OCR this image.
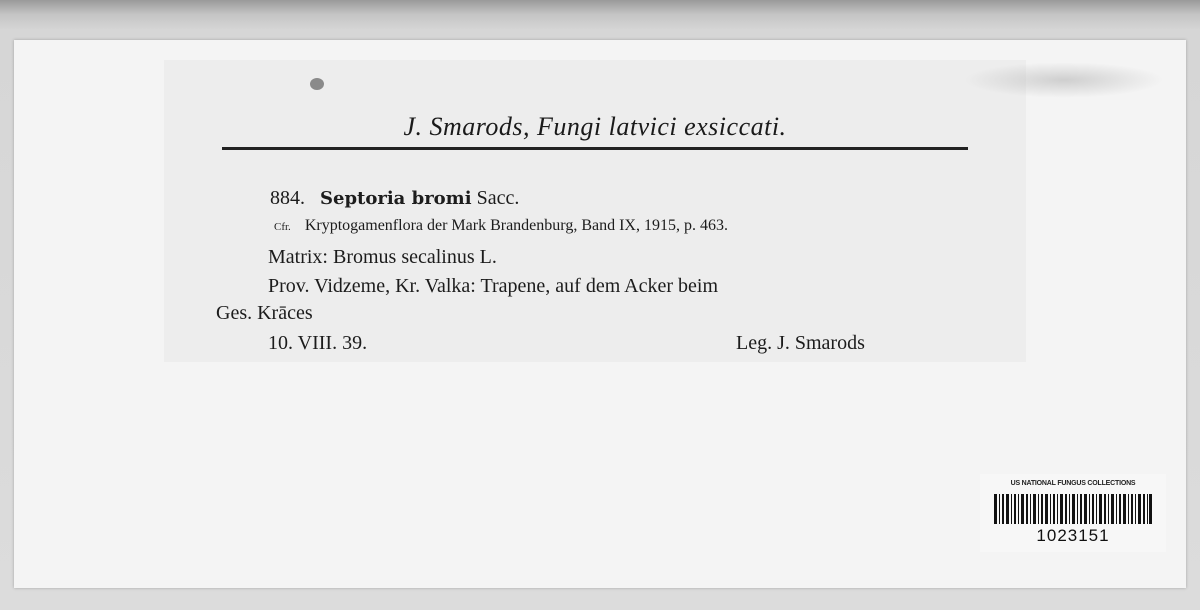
J. Smarods, Fungi latvici exsiccati.
884. Septoria bromi Sacc.
Cfr. Kryptogamenflora der Mark Brandenburg, Band IX, 1915, p. 463.
Matrix: Bromus secalinus L.
Prov. Vidzeme, Kr. Valka: Trapene, auf dem Acker beim
Ges. Krāces
10. VIII. 39.	Leg. J. Smarods
US NATIONAL FUNGUS COLLECTIONS
1023151
